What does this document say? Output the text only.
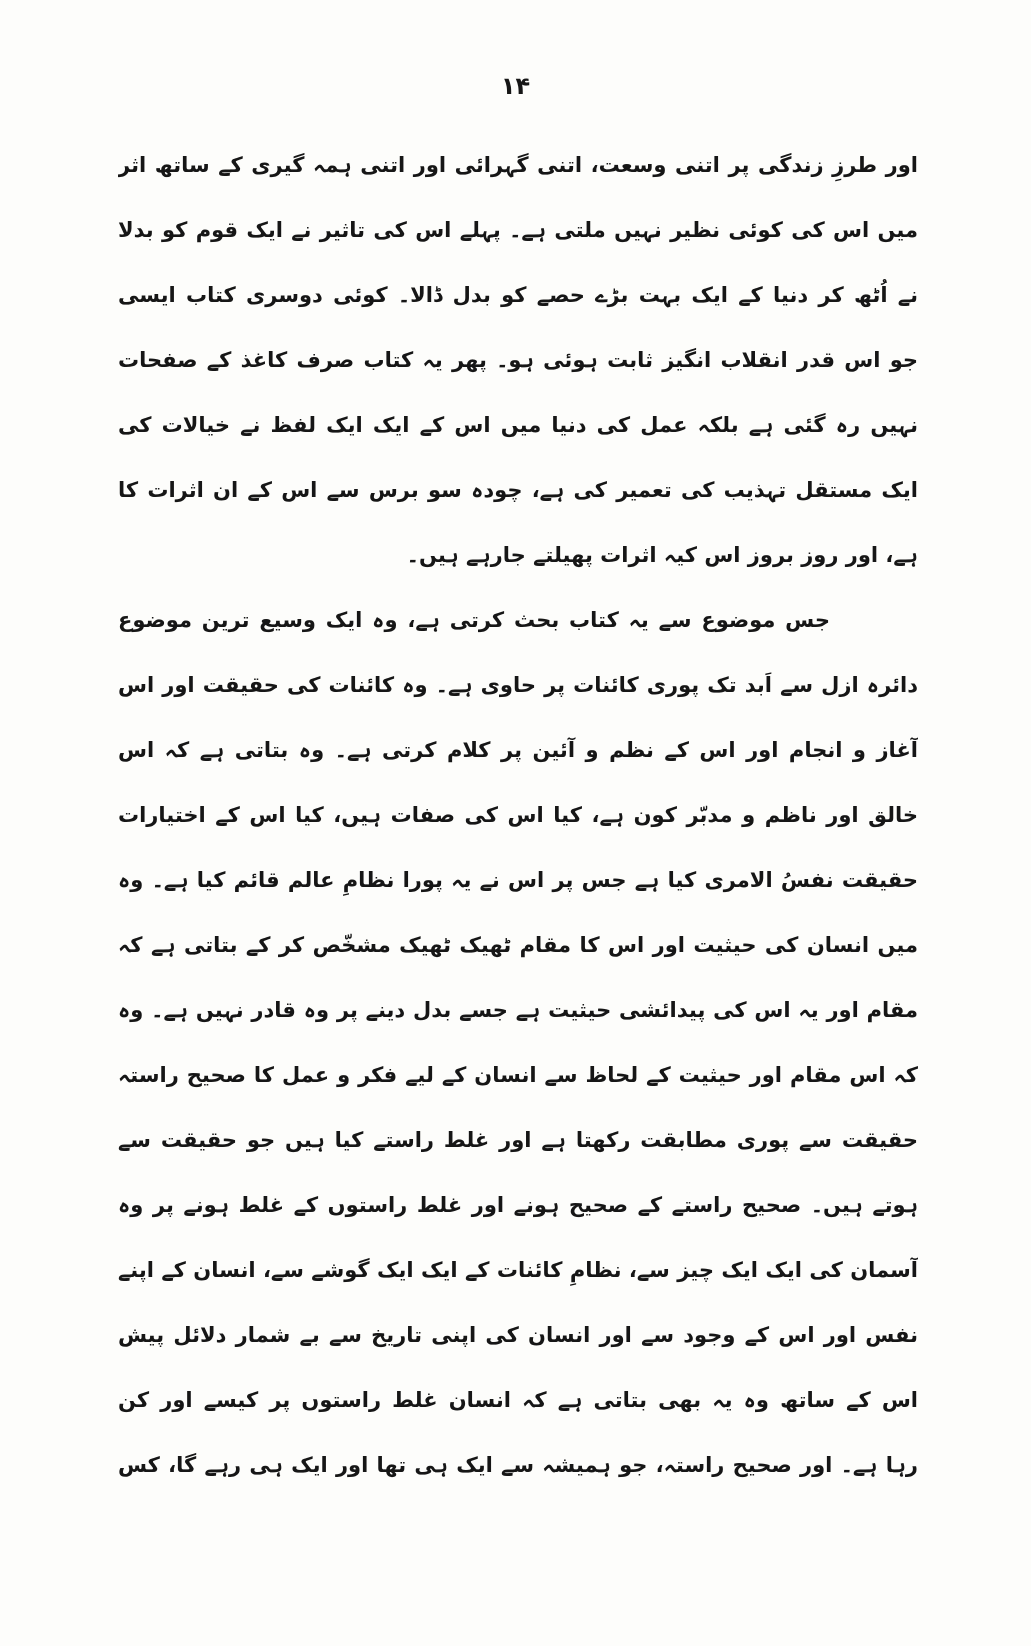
۱۴
اور طرزِ زندگی پر اتنی وسعت، اتنی گہرائی اور اتنی ہمہ گیری کے ساتھ اثر
میں اس کی کوئی نظیر نہیں ملتی ہے۔ پہلے اس کی تاثیر نے ایک قوم کو بدلا
نے اُٹھ کر دنیا کے ایک بہت بڑے حصے کو بدل ڈالا۔ کوئی دوسری کتاب ایسی
جو اس قدر انقلاب انگیز ثابت ہوئی ہو۔ پھر یہ کتاب صرف کاغذ کے صفحات
نہیں رہ گئی ہے بلکہ عمل کی دنیا میں اس کے ایک ایک لفظ نے خیالات کی
ایک مستقل تہذیب کی تعمیر کی ہے، چودہ سو برس سے اس کے ان اثرات کا
ہے، اور روز بروز اس کیہ اثرات پھیلتے جارہے ہیں۔
جس موضوع سے یہ کتاب بحث کرتی ہے، وہ ایک وسیع ترین موضوع
دائرہ ازل سے اَبد تک پوری کائنات پر حاوی ہے۔ وہ کائنات کی حقیقت اور اس
آغاز و انجام اور اس کے نظم و آئین پر کلام کرتی ہے۔ وہ بتاتی ہے کہ اس
خالق اور ناظم و مدبّر کون ہے، کیا اس کی صفات ہیں، کیا اس کے اختیارات
حقیقت نفسُ الامری کیا ہے جس پر اس نے یہ پورا نظامِ عالم قائم کیا ہے۔ وہ
میں انسان کی حیثیت اور اس کا مقام ٹھیک ٹھیک مشخّص کر کے بتاتی ہے کہ
مقام اور یہ اس کی پیدائشی حیثیت ہے جسے بدل دینے پر وہ قادر نہیں ہے۔ وہ
کہ اس مقام اور حیثیت کے لحاظ سے انسان کے لیے فکر و عمل کا صحیح راستہ
حقیقت سے پوری مطابقت رکھتا ہے اور غلط راستے کیا ہیں جو حقیقت سے
ہوتے ہیں۔ صحیح راستے کے صحیح ہونے اور غلط راستوں کے غلط ہونے پر وہ
آسمان کی ایک ایک چیز سے، نظامِ کائنات کے ایک ایک گوشے سے، انسان کے اپنے
نفس اور اس کے وجود سے اور انسان کی اپنی تاریخ سے بے شمار دلائل پیش
اس کے ساتھ وہ یہ بھی بتاتی ہے کہ انسان غلط راستوں پر کیسے اور کن
رہا ہے۔ اور صحیح راستہ، جو ہمیشہ سے ایک ہی تھا اور ایک ہی رہے گا، کس
